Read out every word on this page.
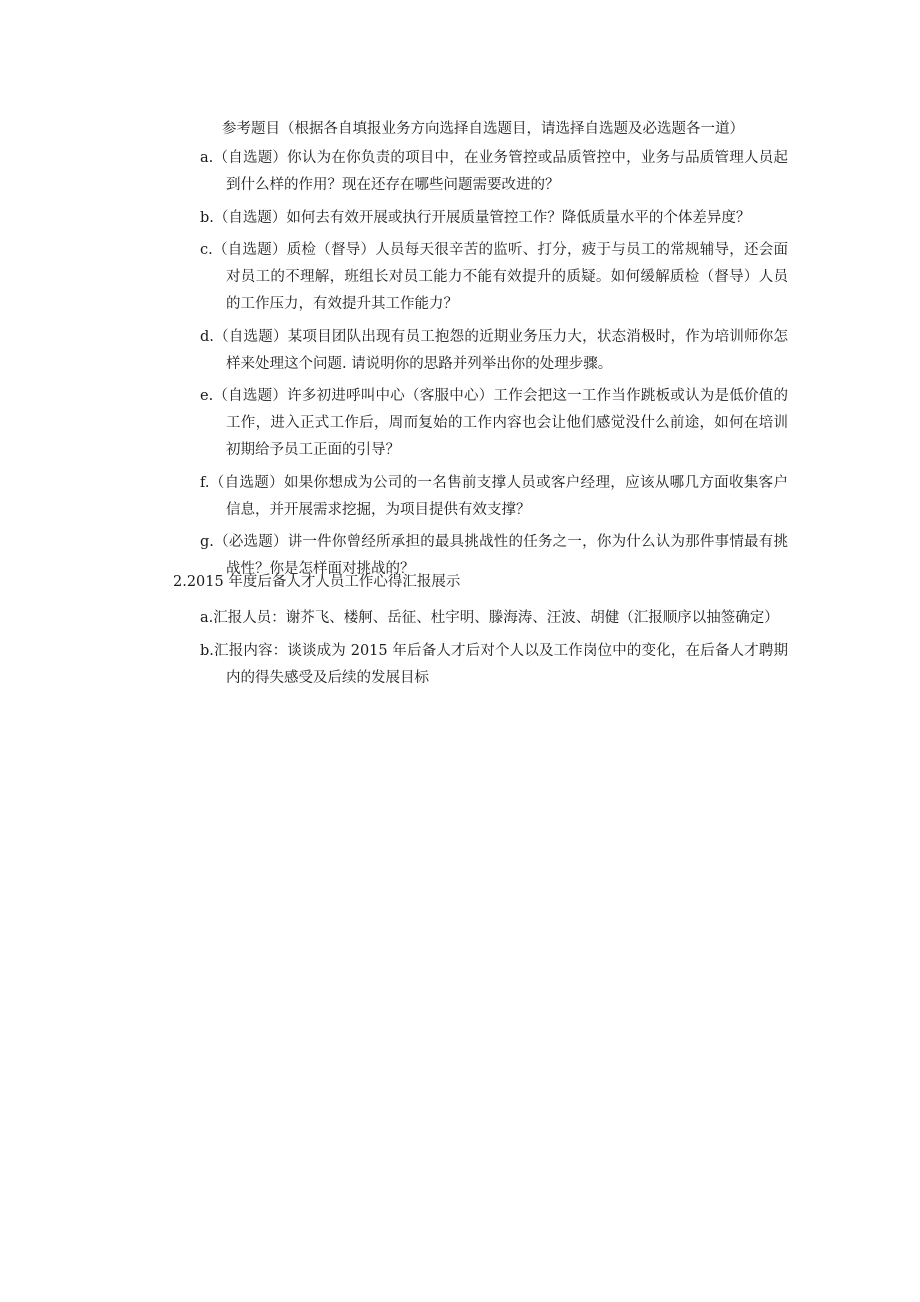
参考题目（根据各自填报业务方向选择自选题目，请选择自选题及必选题各一道）
a.（自选题）你认为在你负责的项目中，在业务管控或品质管控中，业务与品质管理人员起到什么样的作用？现在还存在哪些问题需要改进的？
b.（自选题）如何去有效开展或执行开展质量管控工作？降低质量水平的个体差异度？
c.（自选题）质检（督导）人员每天很辛苦的监听、打分，疲于与员工的常规辅导，还会面对员工的不理解，班组长对员工能力不能有效提升的质疑。如何缓解质检（督导）人员的工作压力，有效提升其工作能力？
d.（自选题）某项目团队出现有员工抱怨的近期业务压力大，状态消极时，作为培训师你怎样来处理这个问题. 请说明你的思路并列举出你的处理步骤。
e.（自选题）许多初进呼叫中心（客服中心）工作会把这一工作当作跳板或认为是低价值的工作，进入正式工作后，周而复始的工作内容也会让他们感觉没什么前途，如何在培训初期给予员工正面的引导？
f.（自选题）如果你想成为公司的一名售前支撑人员或客户经理，应该从哪几方面收集客户信息，并开展需求挖掘，为项目提供有效支撑？
g.（必选题）讲一件你曾经所承担的最具挑战性的任务之一，你为什么认为那件事情最有挑战性？你是怎样面对挑战的？
2.2015 年度后备人才人员工作心得汇报展示
a.汇报人员：谢芥飞、楼舸、岳征、杜宇明、滕海涛、汪波、胡健（汇报顺序以抽签确定）
b.汇报内容：谈谈成为 2015 年后备人才后对个人以及工作岗位中的变化，在后备人才聘期内的得失感受及后续的发展目标
